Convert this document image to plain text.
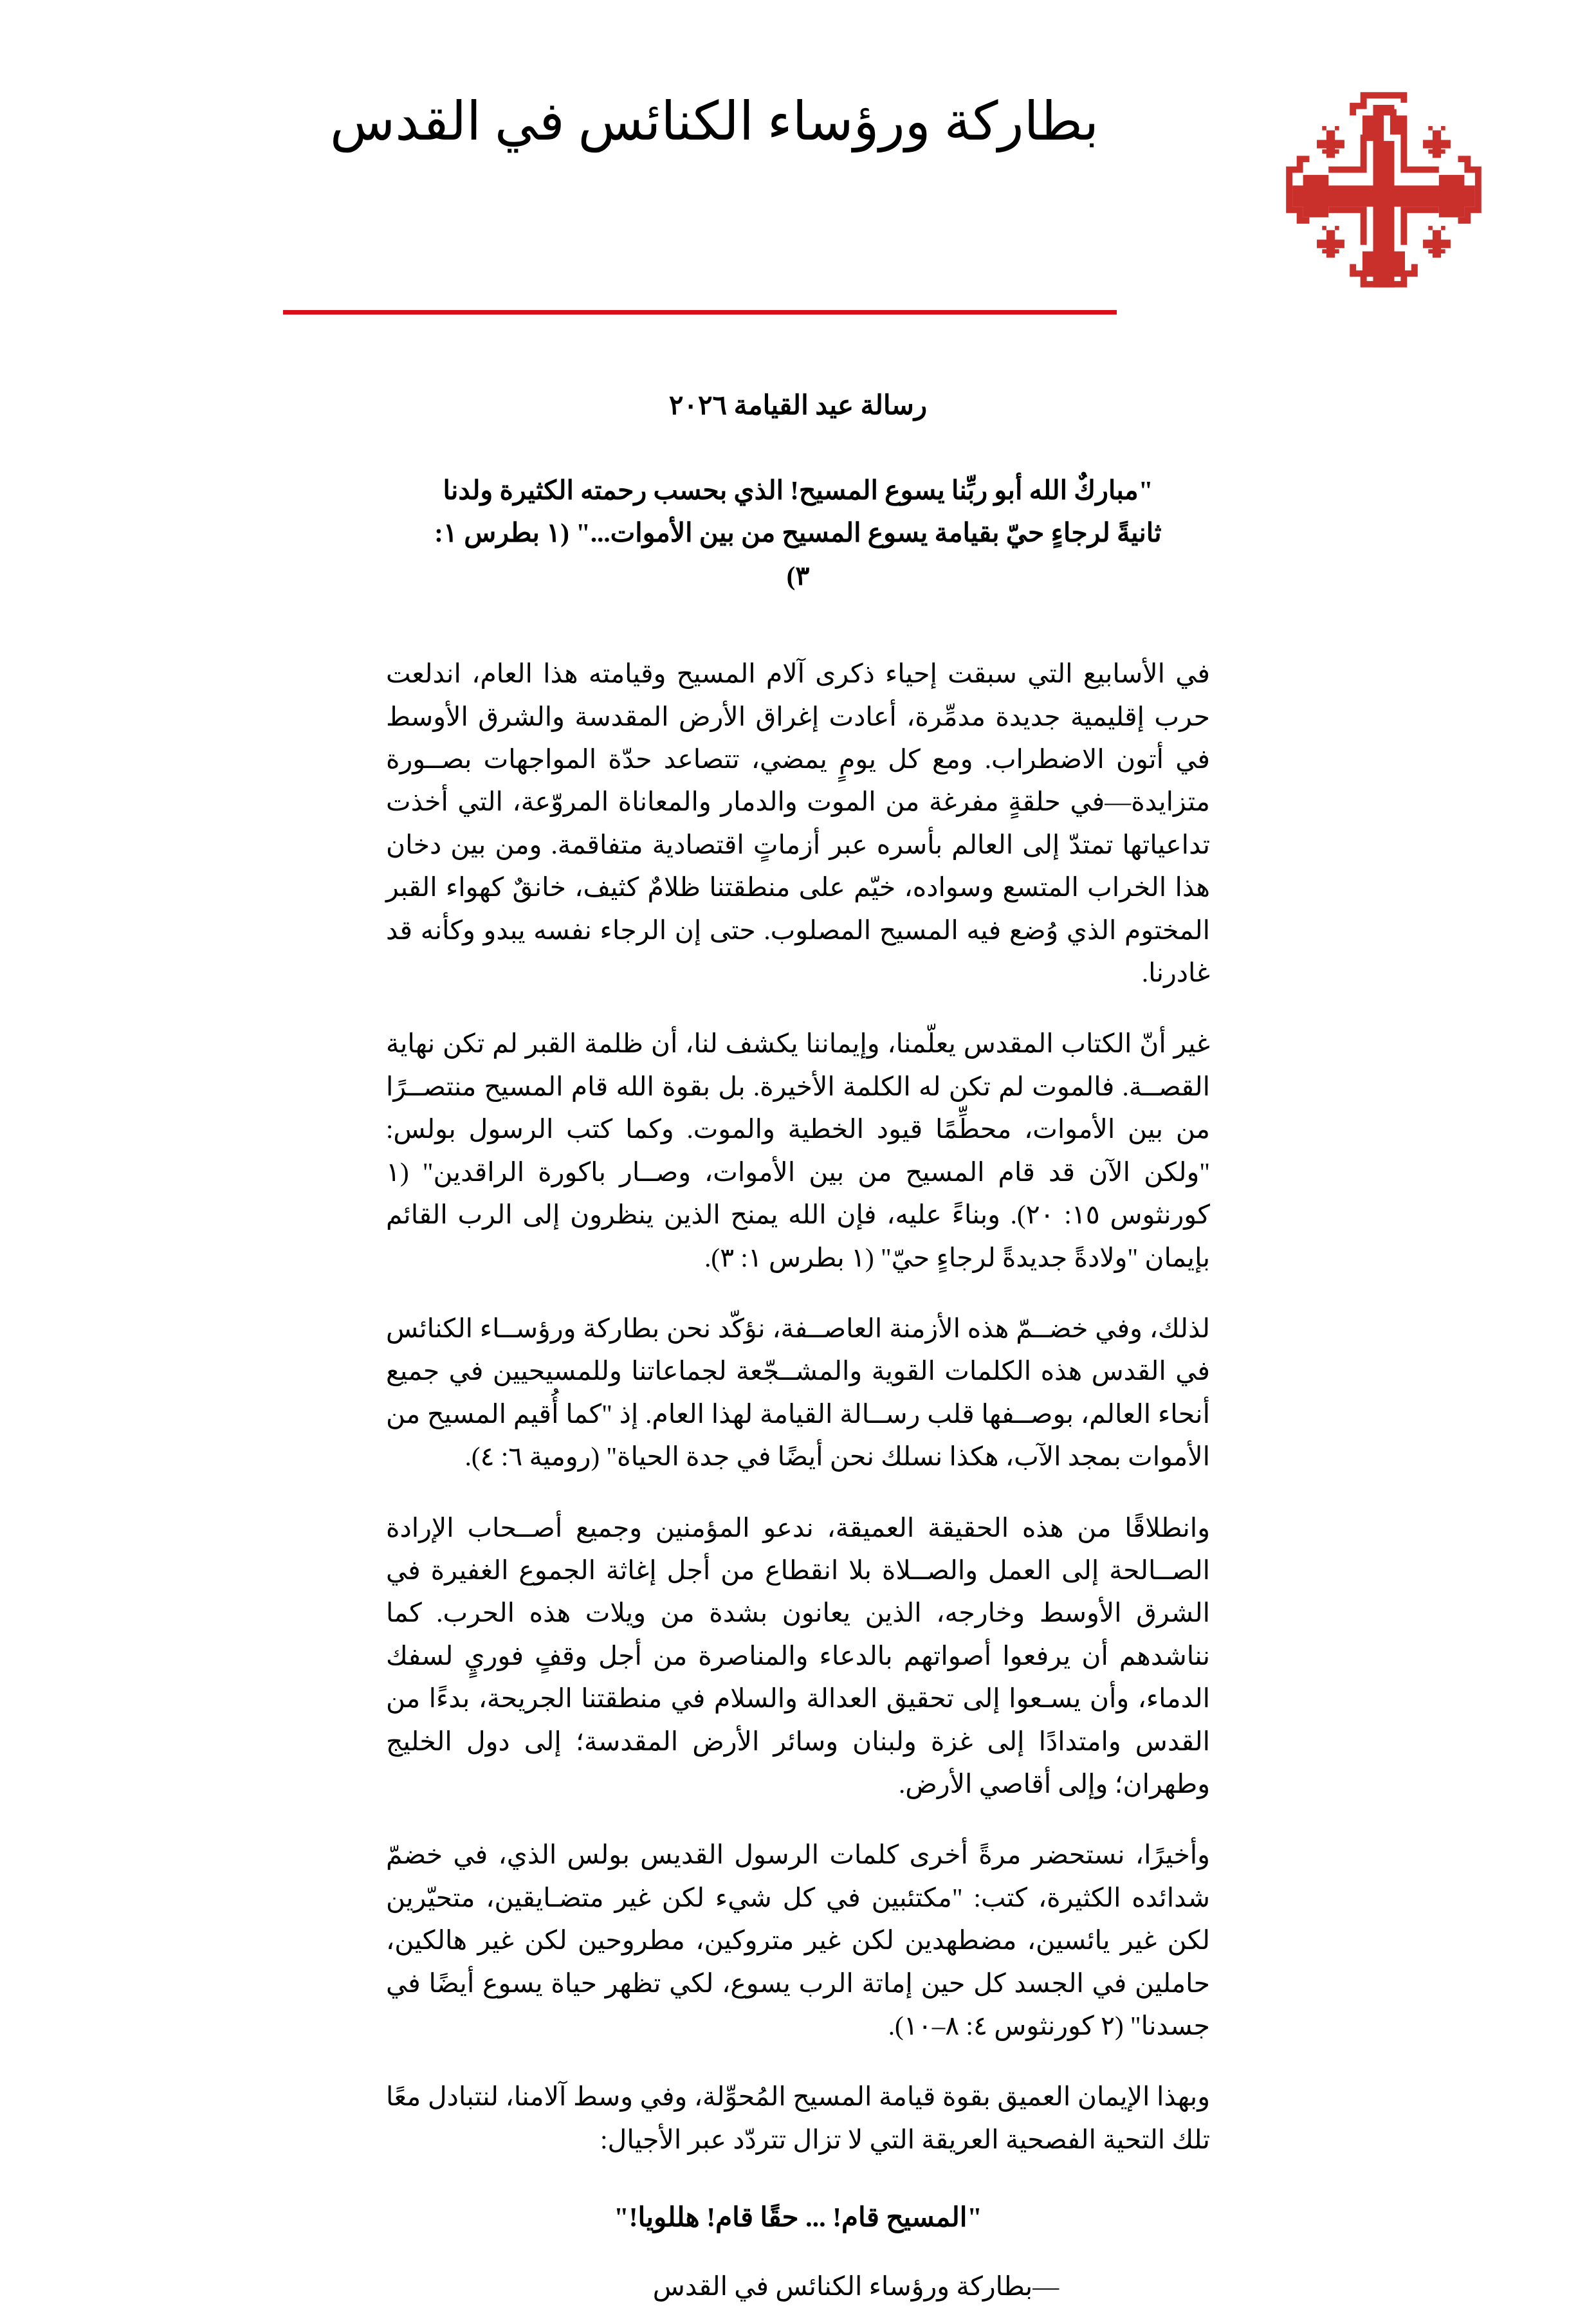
بطاركة ورؤساء الكنائس في القدس
رسالة عيد القيامة ٢٠٢٦
"مباركٌ الله أبو ربِّنا يسوع المسيح! الذي بحسب رحمته الكثيرة ولدنا ثانيةً لرجاءٍ حيّ بقيامة يسوع المسيح من بين الأموات..." (١ بطرس ١: ٣)

في الأسابيع التي سبقت إحياء ذكرى آلام المسيح وقيامته هذا العام، اندلعت حرب إقليمية جديدة مدمِّرة، أعادت إغراق الأرض المقدسة والشرق الأوسط في أتون الاضطراب. ومع كل يومٍ يمضي، تتصاعد حدّة المواجهات بصــورة متزايدة—في حلقةٍ مفرغة من الموت والدمار والمعاناة المروّعة، التي أخذت تداعياتها تمتدّ إلى العالم بأسره عبر أزماتٍ اقتصادية متفاقمة. ومن بين دخان هذا الخراب المتسع وسواده، خيّم على منطقتنا ظلامٌ كثيف، خانقٌ كهواء القبر المختوم الذي وُضع فيه المسيح المصلوب. حتى إن الرجاء نفسه يبدو وكأنه قد غادرنا.

غير أنّ الكتاب المقدس يعلّمنا، وإيماننا يكشف لنا، أن ظلمة القبر لم تكن نهاية القصــة. فالموت لم تكن له الكلمة الأخيرة. بل بقوة الله قام المسيح منتصــرًا من بين الأموات، محطِّمًا قيود الخطية والموت. وكما كتب الرسول بولس: "ولكن الآن قد قام المسيح من بين الأموات، وصــار باكورة الراقدين" (١ كورنثوس ١٥: ٢٠). وبناءً عليه، فإن الله يمنح الذين ينظرون إلى الرب القائم بإيمان "ولادةً جديدةً لرجاءٍ حيّ" (١ بطرس ١: ٣).

لذلك، وفي خضــمّ هذه الأزمنة العاصــفة، نؤكّد نحن بطاركة ورؤســاء الكنائس في القدس هذه الكلمات القوية والمشــجّعة لجماعاتنا وللمسيحيين في جميع أنحاء العالم، بوصــفها قلب رســالة القيامة لهذا العام. إذ "كما أُقيم المسيح من الأموات بمجد الآب، هكذا نسلك نحن أيضًا في جدة الحياة" (رومية ٦: ٤).

وانطلاقًا من هذه الحقيقة العميقة، ندعو المؤمنين وجميع أصــحاب الإرادة الصــالحة إلى العمل والصــلاة بلا انقطاع من أجل إغاثة الجموع الغفيرة في الشرق الأوسط وخارجه، الذين يعانون بشدة من ويلات هذه الحرب. كما نناشدهم أن يرفعوا أصواتهم بالدعاء والمناصرة من أجل وقفٍ فوريٍ لسفك الدماء، وأن يسـعوا إلى تحقيق العدالة والسلام في منطقتنا الجريحة، بدءًا من القدس وامتدادًا إلى غزة ولبنان وسائر الأرض المقدسة؛ إلى دول الخليج وطهران؛ وإلى أقاصي الأرض.

وأخيرًا، نستحضر مرةً أخرى كلمات الرسول القديس بولس الذي، في خضمّ شدائده الكثيرة، كتب: "مكتئبين في كل شيء لكن غير متضـايقين، متحيّرين لكن غير يائسين، مضطهدين لكن غير متروكين، مطروحين لكن غير هالكين، حاملين في الجسد كل حين إماتة الرب يسوع، لكي تظهر حياة يسوع أيضًا في جسدنا" (٢ كورنثوس ٤: ٨–١٠).

وبهذا الإيمان العميق بقوة قيامة المسيح المُحوِّلة، وفي وسط آلامنا، لنتبادل معًا تلك التحية الفصحية العريقة التي لا تزال تتردّد عبر الأجيال:

"المسيح قام! ... حقًا قام! هللويا!"
—بطاركة ورؤساء الكنائس في القدس
